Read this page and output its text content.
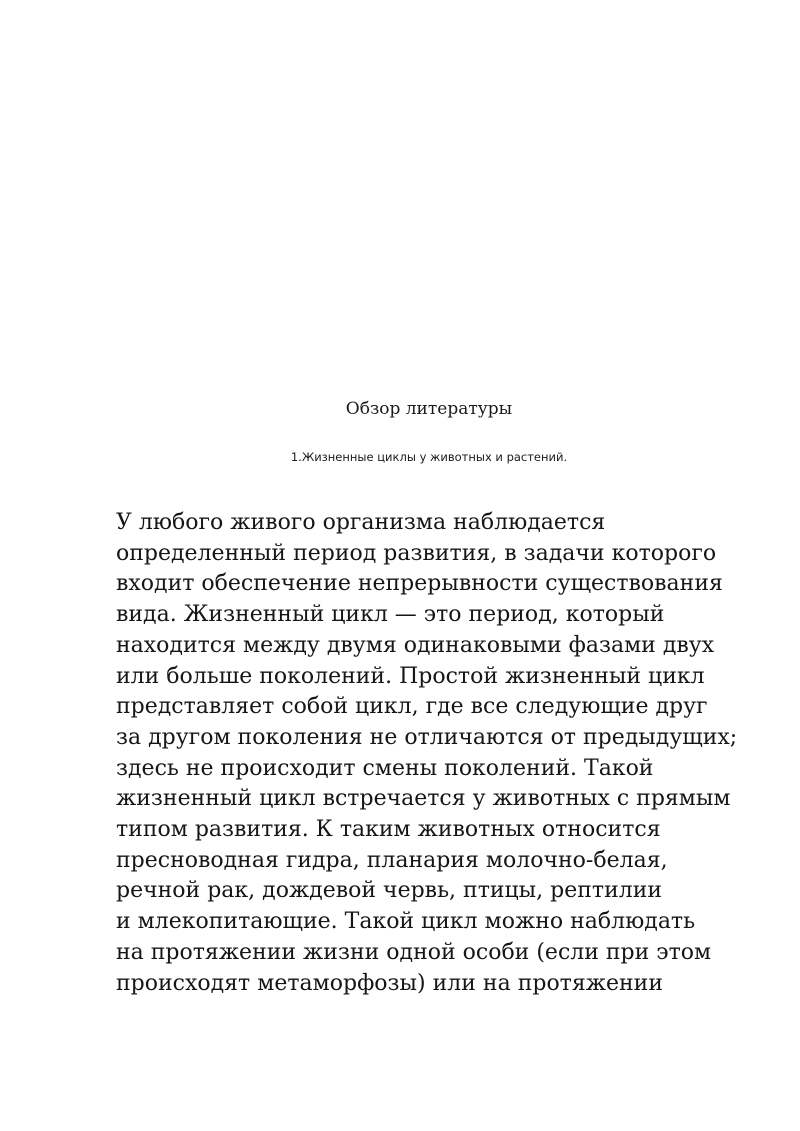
Обзор литературы
1.Жизненные циклы у животных и растений.

У любого живого организма наблюдается
определенный период развития, в задачи которого
входит обеспечение непрерывности существования
вида. Жизненный цикл — это период, который
находится между двумя одинаковыми фазами двух
или больше поколений. Простой жизненный цикл
представляет собой цикл, где все следующие друг
за другом поколения не отличаются от предыдущих;
здесь не происходит смены поколений. Такой
жизненный цикл встречается у животных с прямым
типом развития. К таким животных относится
пресноводная гидра, планария молочно-белая,
речной рак, дождевой червь, птицы, рептилии
и млекопитающие. Такой цикл можно наблюдать
на протяжении жизни одной особи (если при этом
происходят метаморфозы) или на протяжении
